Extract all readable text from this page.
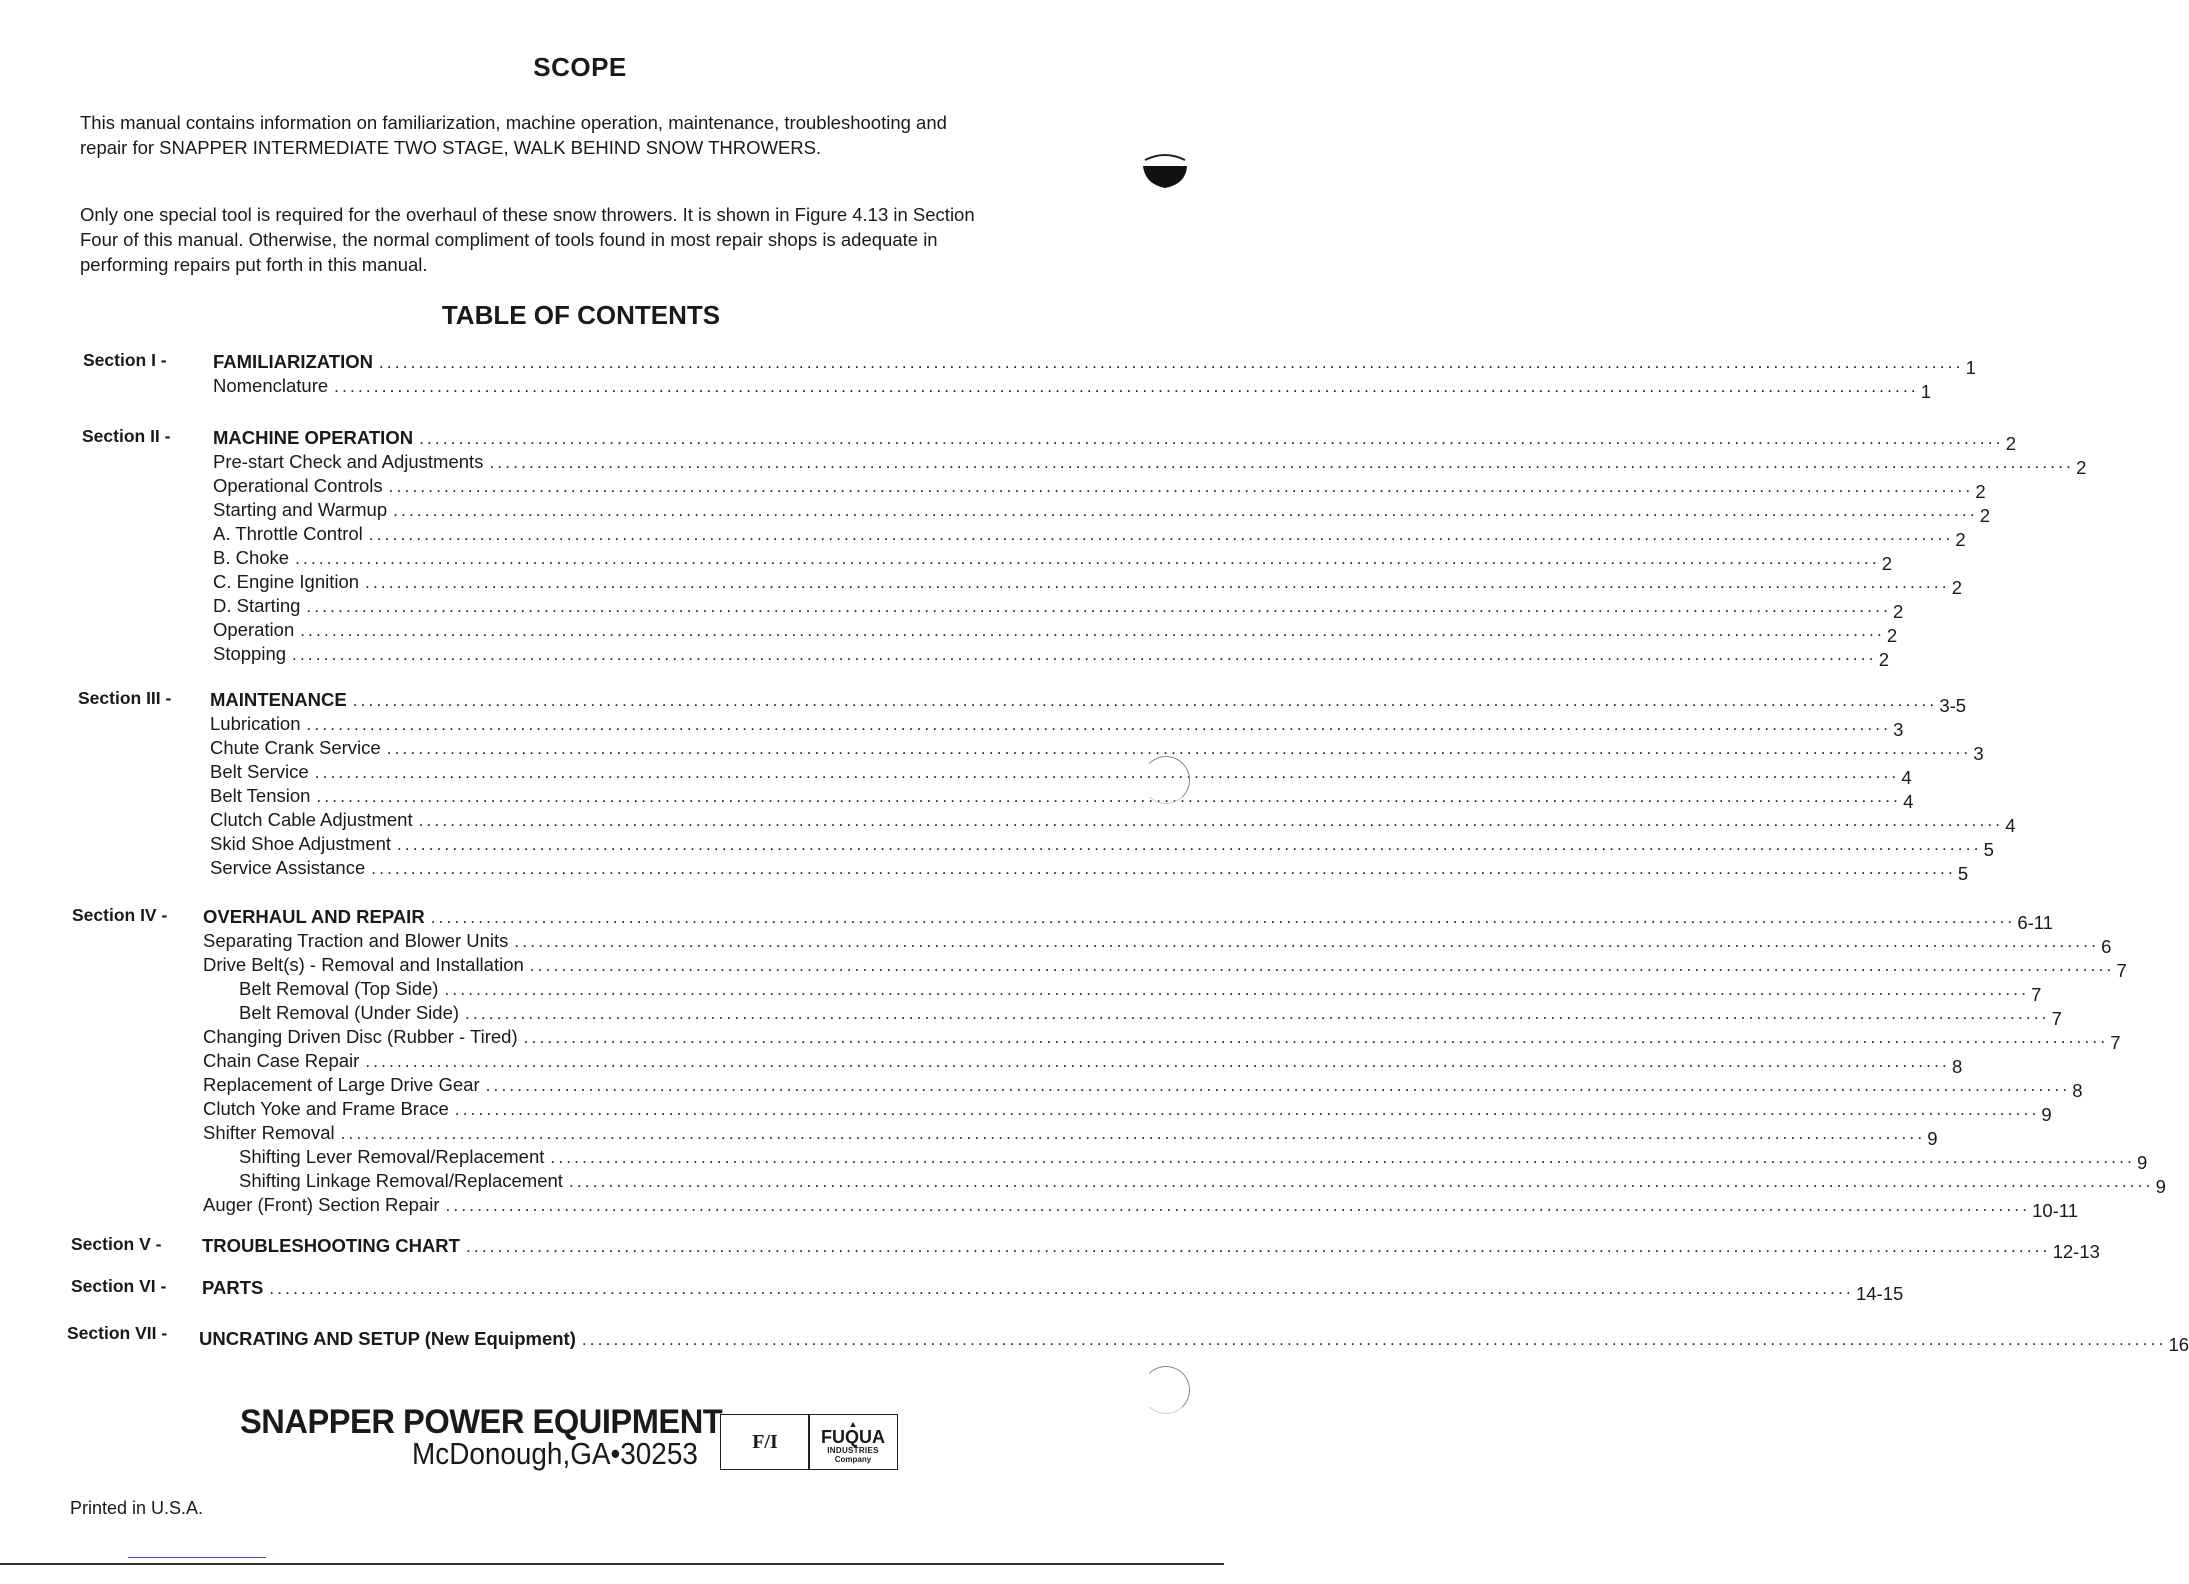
SCOPE
This manual contains information on familiarization, machine operation, maintenance, troubleshooting and
repair for SNAPPER INTERMEDIATE TWO STAGE, WALK BEHIND SNOW THROWERS.
Only one special tool is required for the overhaul of these snow throwers. It is shown in Figure 4.13 in Section
Four of this manual. Otherwise, the normal compliment of tools found in most repair shops is adequate in
performing repairs put forth in this manual.
TABLE OF CONTENTS
Section I -	FAMILIARIZATION ........................................................................................................................................................................................................ 1
Nomenclature ........................................................................................................................................................................................................ 1
Section II - MACHINE OPERATION ........................................................................................................................................................................................................ 2
Pre-start Check and Adjustments ........................................................................................................................................................................................................ 2
Operational Controls ........................................................................................................................................................................................................ 2
Starting and Warmup ........................................................................................................................................................................................................ 2
A. Throttle Control ........................................................................................................................................................................................................ 2
B. Choke ........................................................................................................................................................................................................ 2
C. Engine Ignition ........................................................................................................................................................................................................ 2
D. Starting ........................................................................................................................................................................................................ 2
Operation ........................................................................................................................................................................................................ 2
Stopping ........................................................................................................................................................................................................ 2
Section III - MAINTENANCE ........................................................................................................................................................................................................ 3-5
Lubrication ........................................................................................................................................................................................................ 3
Chute Crank Service ........................................................................................................................................................................................................ 3
Belt Service ........................................................................................................................................................................................................ 4
Belt Tension ........................................................................................................................................................................................................ 4
Clutch Cable Adjustment ........................................................................................................................................................................................................ 4
Skid Shoe Adjustment ........................................................................................................................................................................................................ 5
Service Assistance ........................................................................................................................................................................................................ 5
Section IV - OVERHAUL AND REPAIR ........................................................................................................................................................................................................ 6-11
Separating Traction and Blower Units ........................................................................................................................................................................................................ 6
Drive Belt(s) - Removal and Installation ........................................................................................................................................................................................................ 7
Belt Removal (Top Side) ........................................................................................................................................................................................................ 7
Belt Removal (Under Side) ........................................................................................................................................................................................................ 7
Changing Driven Disc (Rubber - Tired) ........................................................................................................................................................................................................ 7
Chain Case Repair ........................................................................................................................................................................................................ 8
Replacement of Large Drive Gear ........................................................................................................................................................................................................ 8
Clutch Yoke and Frame Brace ........................................................................................................................................................................................................ 9
Shifter Removal ........................................................................................................................................................................................................ 9
Shifting Lever Removal/Replacement ........................................................................................................................................................................................................ 9
Shifting Linkage Removal/Replacement ........................................................................................................................................................................................................ 9
Auger (Front) Section Repair ........................................................................................................................................................................................................ 10-11
Section V - TROUBLESHOOTING CHART ........................................................................................................................................................................................................ 12-13
Section VI - PARTS ........................................................................................................................................................................................................ 14-15
Section VII - UNCRATING AND SETUP (New Equipment) ........................................................................................................................................................................................................ 16
SNAPPER POWER EQUIPMENT
McDonough,GA•30253	F/I
▲
FUQUA
INDUSTRIES
Company
Printed in U.S.A.
